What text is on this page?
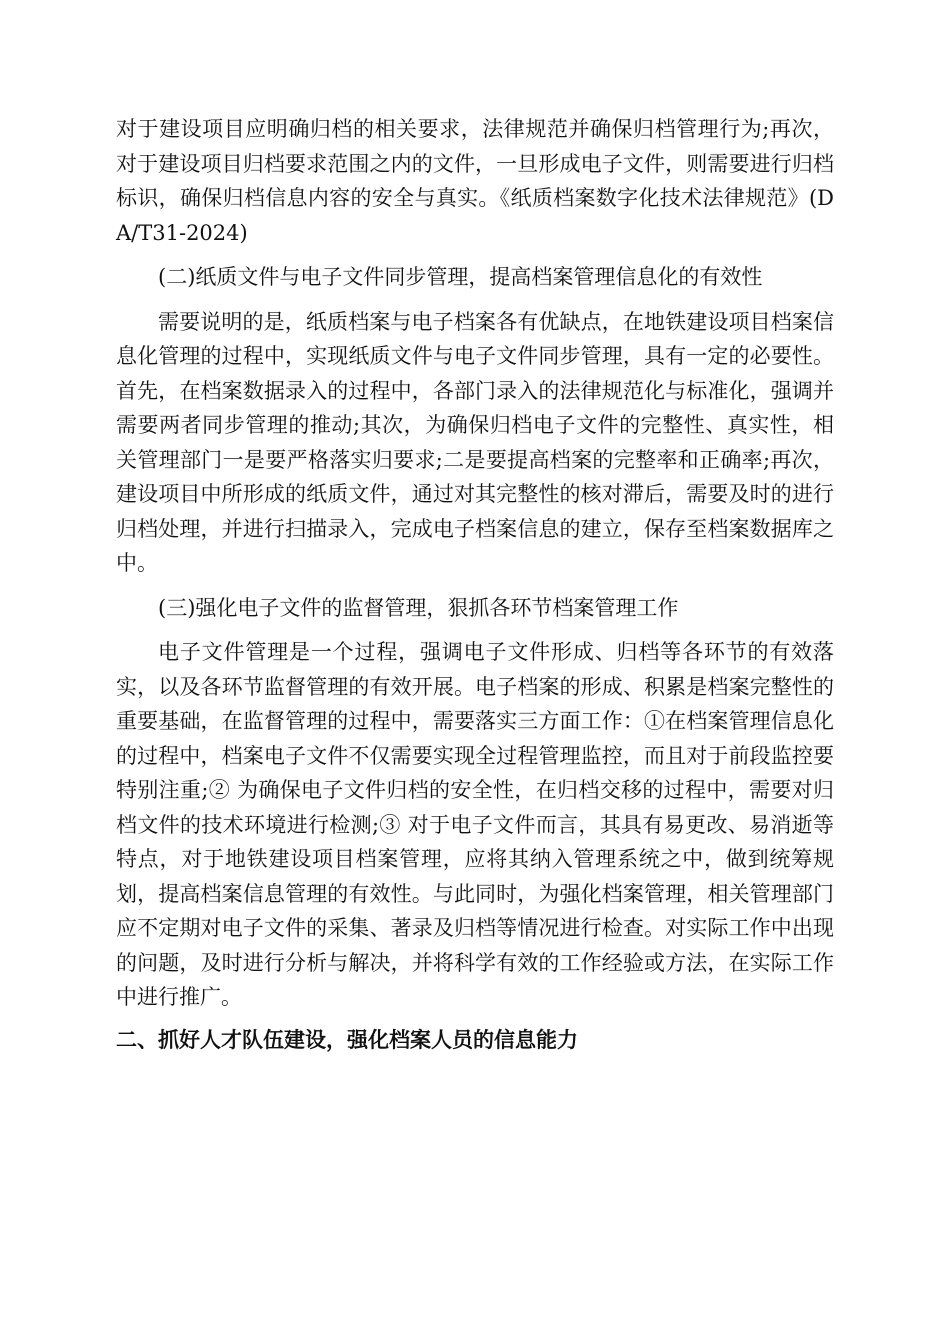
对于建设项目应明确归档的相关要求，法律规范并确保归档管理行为;再次，对于建设项目归档要求范围之内的文件，一旦形成电子文件，则需要进行归档标识，确保归档信息内容的安全与真实。《纸质档案数字化技术法律规范》(DA/T31-2024)

(二)纸质文件与电子文件同步管理，提高档案管理信息化的有效性

需要说明的是，纸质档案与电子档案各有优缺点，在地铁建设项目档案信息化管理的过程中，实现纸质文件与电子文件同步管理，具有一定的必要性。首先，在档案数据录入的过程中，各部门录入的法律规范化与标准化，强调并需要两者同步管理的推动;其次，为确保归档电子文件的完整性、真实性，相关管理部门一是要严格落实归要求;二是要提高档案的完整率和正确率;再次，建设项目中所形成的纸质文件，通过对其完整性的核对滞后，需要及时的进行归档处理，并进行扫描录入，完成电子档案信息的建立，保存至档案数据库之中。

(三)强化电子文件的监督管理，狠抓各环节档案管理工作

电子文件管理是一个过程，强调电子文件形成、归档等各环节的有效落实，以及各环节监督管理的有效开展。电子档案的形成、积累是档案完整性的重要基础，在监督管理的过程中，需要落实三方面工作：①在档案管理信息化的过程中，档案电子文件不仅需要实现全过程管理监控，而且对于前段监控要特别注重;② 为确保电子文件归档的安全性，在归档交移的过程中，需要对归档文件的技术环境进行检测;③ 对于电子文件而言，其具有易更改、易消逝等特点，对于地铁建设项目档案管理，应将其纳入管理系统之中，做到统筹规划，提高档案信息管理的有效性。与此同时，为强化档案管理，相关管理部门应不定期对电子文件的采集、著录及归档等情况进行检查。对实际工作中出现的问题，及时进行分析与解决，并将科学有效的工作经验或方法，在实际工作中进行推广。

二、抓好人才队伍建设，强化档案人员的信息能力
